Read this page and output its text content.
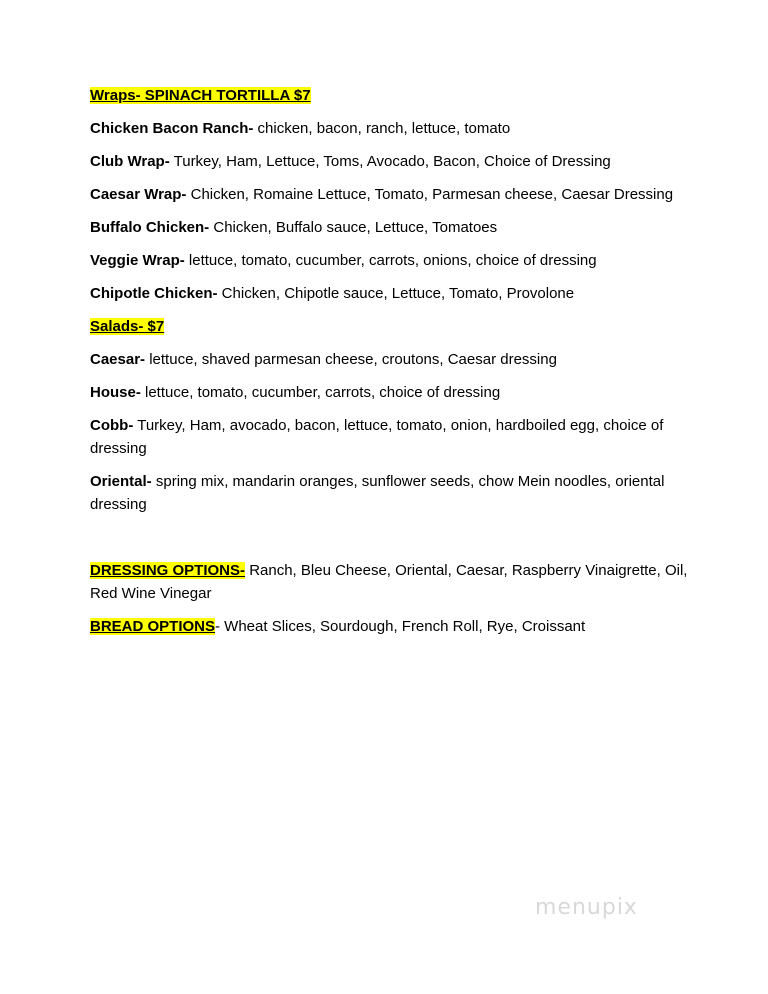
Wraps- SPINACH TORTILLA $7

Chicken Bacon Ranch- chicken, bacon, ranch, lettuce, tomato

Club Wrap- Turkey, Ham, Lettuce, Toms, Avocado, Bacon, Choice of Dressing

Caesar Wrap- Chicken, Romaine Lettuce, Tomato, Parmesan cheese, Caesar Dressing

Buffalo Chicken- Chicken, Buffalo sauce, Lettuce, Tomatoes

Veggie Wrap- lettuce, tomato, cucumber, carrots, onions, choice of dressing

Chipotle Chicken- Chicken, Chipotle sauce, Lettuce, Tomato, Provolone

Salads- $7

Caesar- lettuce, shaved parmesan cheese, croutons, Caesar dressing

House- lettuce, tomato, cucumber, carrots, choice of dressing

Cobb- Turkey, Ham, avocado, bacon, lettuce, tomato, onion, hardboiled egg, choice of dressing

Oriental- spring mix, mandarin oranges, sunflower seeds, chow Mein noodles, oriental dressing

DRESSING OPTIONS- Ranch, Bleu Cheese, Oriental, Caesar, Raspberry Vinaigrette, Oil, Red Wine Vinegar

BREAD OPTIONS- Wheat Slices, Sourdough, French Roll, Rye, Croissant

menupix
